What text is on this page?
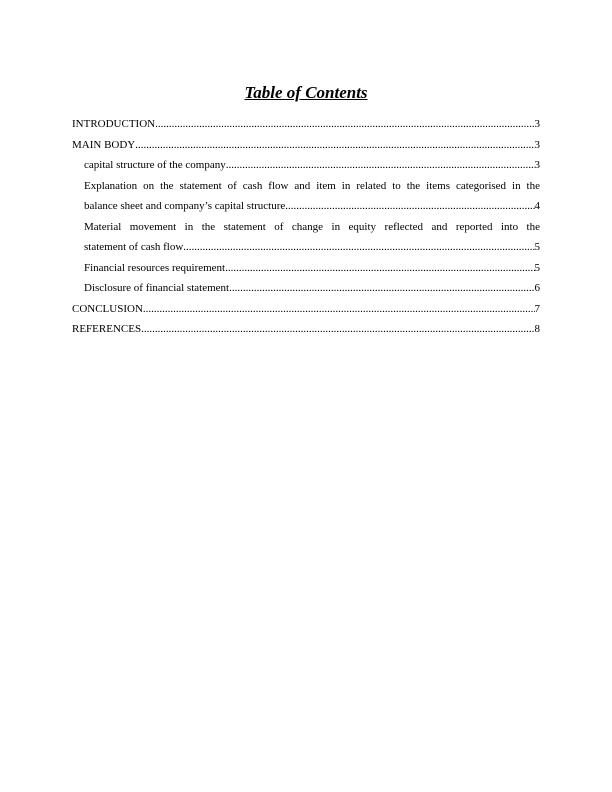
Table of Contents
INTRODUCTION .....	3
MAIN BODY .....	3
capital structure of the company .....	3
Explanation on the statement of cash flow and item in related to the items categorised in the
balance sheet and company’s capital structure .....	4
Material movement in the statement of change in equity reflected and reported into the
statement of cash flow .....	5
Financial resources requirement .....	5
Disclosure of financial statement .....	6
CONCLUSION .....	7
REFERENCES .....	8
